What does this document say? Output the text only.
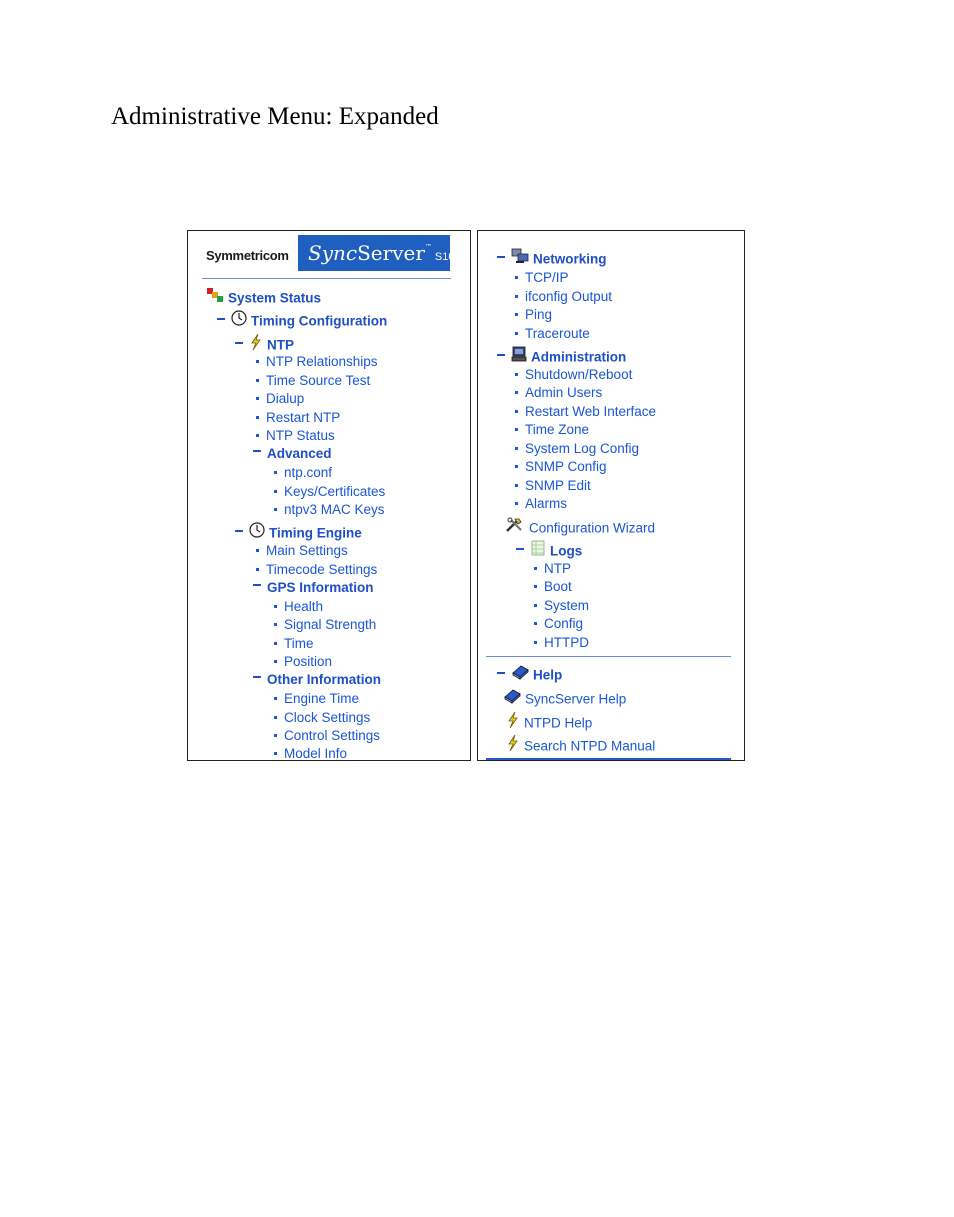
Administrative Menu: Expanded
Symmetricom SyncServer™S100
System Status
Timing Configuration
NTP
NTP Relationships
Time Source Test
Dialup
Restart NTP
NTP Status
Advanced
ntp.conf
Keys/Certificates
ntpv3 MAC Keys
Timing Engine
Main Settings
Timecode Settings
GPS Information
Health
Signal Strength
Time
Position
Other Information
Engine Time
Clock Settings
Control Settings
Model Info
Networking
TCP/IP
ifconfig Output
Ping
Traceroute
Administration
Shutdown/Reboot
Admin Users
Restart Web Interface
Time Zone
System Log Config
SNMP Config
SNMP Edit
Alarms
Configuration Wizard
Logs
NTP
Boot
System
Config
HTTPD
Help
SyncServer Help
NTPD Help
Search NTPD Manual
